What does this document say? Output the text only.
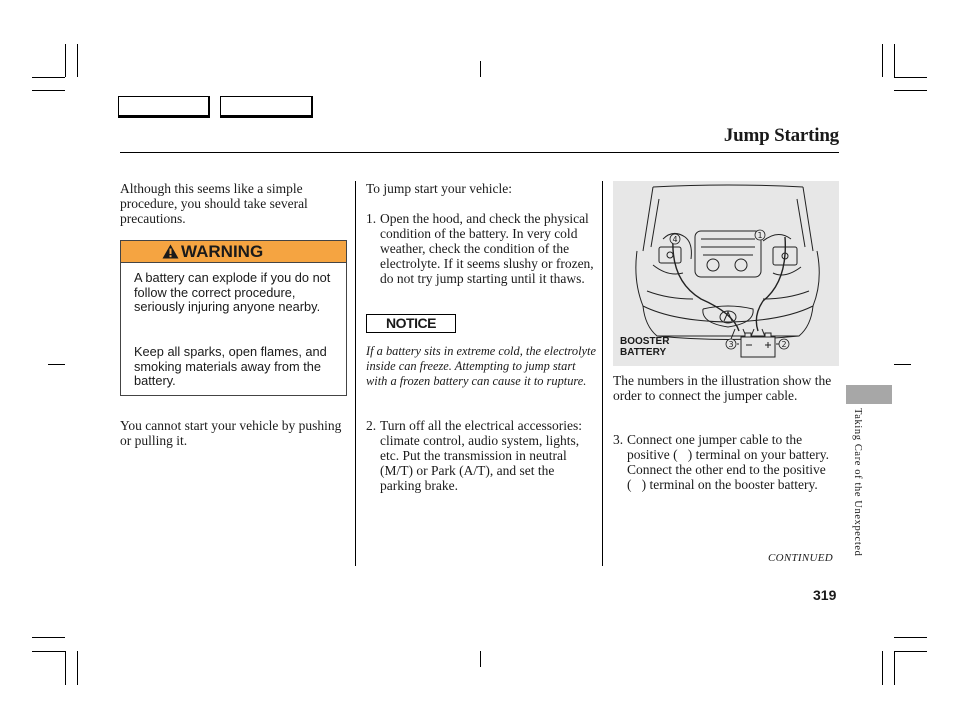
Jump Starting
Although this seems like a simple procedure, you should take several precautions.
WARNING
A battery can explode if you do not follow the correct procedure, seriously injuring anyone nearby.
Keep all sparks, open flames, and smoking materials away from the battery.
You cannot start your vehicle by pushing or pulling it.
To jump start your vehicle:
1. Open the hood, and check the physical condition of the battery. In very cold weather, check the condition of the electrolyte. If it seems slushy or frozen, do not try jump starting until it thaws.
NOTICE
If a battery sits in extreme cold, the electrolyte inside can freeze. Attempting to jump start with a frozen battery can cause it to rupture.
2. Turn off all the electrical accessories: climate control, audio system, lights, etc. Put the transmission in neutral (M/T) or Park (A/T), and set the parking brake.
4	1
3	2
BOOSTER
BATTERY
The numbers in the illustration show the order to connect the jumper cable.
3. Connect one jumper cable to the positive (   ) terminal on your battery. Connect the other end to the positive (   ) terminal on the booster battery.
CONTINUED
319
Taking Care of the Unexpected
